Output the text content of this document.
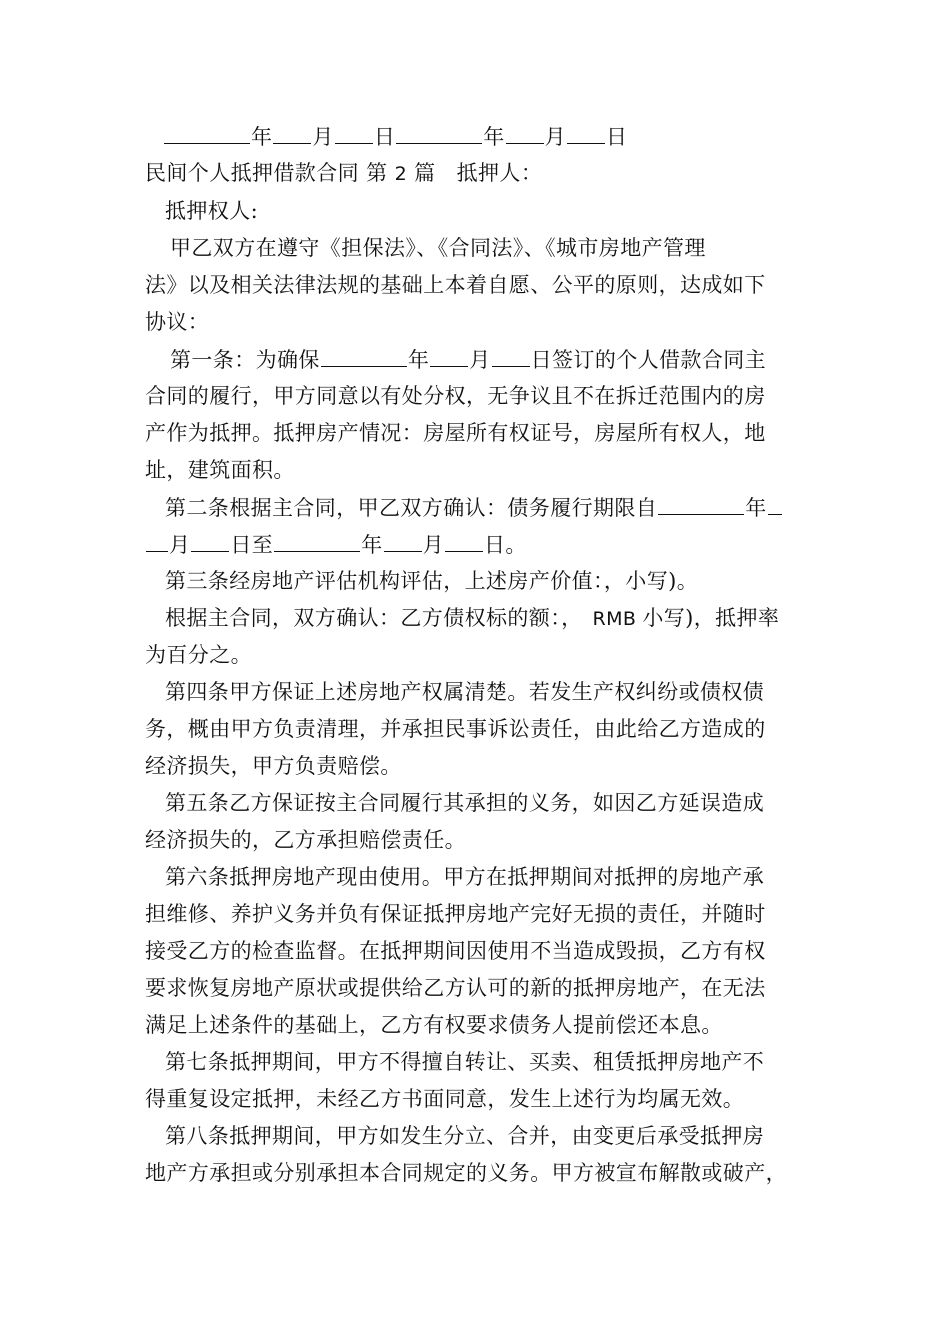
年 月 日	年 月 日
民间个人抵押借款合同 第 2 篇 抵押人：
抵押权人:
甲乙双方在遵守《担保法》、《合同法》、《城市房地产管理
法》以及相关法律法规的基础上本着自愿、公平的原则，达成如下
协议：
第一条：为确保	年 月 日签订的个人借款合同主
合同的履行，甲方同意以有处分权，无争议且不在拆迁范围内的房
产作为抵押。抵押房产情况：房屋所有权证号，房屋所有权人，地
址，建筑面积。
第二条根据主合同，甲乙双方确认：债务履行期限自	年
月 日至	年 月 日。
第三条经房地产评估机构评估，上述房产价值：，小写)。
根据主合同，双方确认：乙方债权标的额：， RMB 小写)，抵押率
为百分之。
第四条甲方保证上述房地产权属清楚。若发生产权纠纷或债权债
务，概由甲方负责清理，并承担民事诉讼责任，由此给乙方造成的
经济损失，甲方负责赔偿。
第五条乙方保证按主合同履行其承担的义务，如因乙方延误造成
经济损失的，乙方承担赔偿责任。
第六条抵押房地产现由使用。甲方在抵押期间对抵押的房地产承
担维修、养护义务并负有保证抵押房地产完好无损的责任，并随时
接受乙方的检查监督。在抵押期间因使用不当造成毁损，乙方有权
要求恢复房地产原状或提供给乙方认可的新的抵押房地产，在无法
满足上述条件的基础上，乙方有权要求债务人提前偿还本息。
第七条抵押期间，甲方不得擅自转让、买卖、租赁抵押房地产不
得重复设定抵押，未经乙方书面同意，发生上述行为均属无效。
第八条抵押期间，甲方如发生分立、合并，由变更后承受抵押房
地产方承担或分别承担本合同规定的义务。甲方被宣布解散或破产，
